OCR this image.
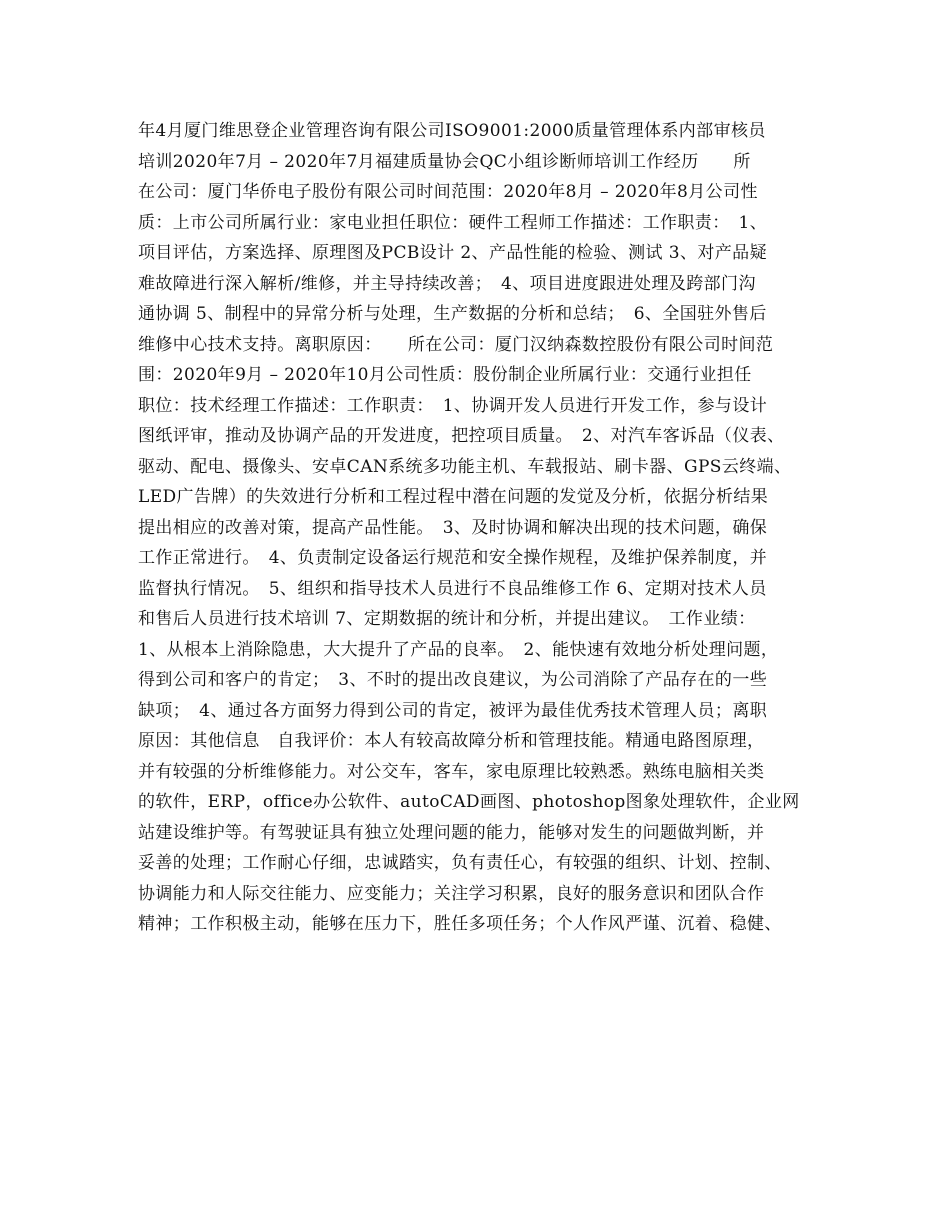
年4月厦门维思登企业管理咨询有限公司ISO9001:2000质量管理体系内部审核员
培训2020年7月 – 2020年7月福建质量协会QC小组诊断师培训工作经历　　所
在公司：厦门华侨电子股份有限公司时间范围：2020年8月 – 2020年8月公司性
质：上市公司所属行业：家电业担任职位：硬件工程师工作描述：工作职责：　1、
项目评估，方案选择、原理图及PCB设计 2、产品性能的检验、测试 3、对产品疑
难故障进行深入解析/维修，并主导持续改善；　4、项目进度跟进处理及跨部门沟
通协调 5、制程中的异常分析与处理，生产数据的分析和总结；　6、全国驻外售后
维修中心技术支持。离职原因：　　所在公司：厦门汉纳森数控股份有限公司时间范
围：2020年9月 – 2020年10月公司性质：股份制企业所属行业：交通行业担任
职位：技术经理工作描述：工作职责：　1、协调开发人员进行开发工作，参与设计
图纸评审，推动及协调产品的开发进度，把控项目质量。　2、对汽车客诉品（仪表、
驱动、配电、摄像头、安卓CAN系统多功能主机、车载报站、刷卡器、GPS云终端、
LED广告牌）的失效进行分析和工程过程中潜在问题的发觉及分析，依据分析结果
提出相应的改善对策，提高产品性能。　3、及时协调和解决出现的技术问题，确保
工作正常进行。　4、负责制定设备运行规范和安全操作规程，及维护保养制度，并
监督执行情况。　5、组织和指导技术人员进行不良品维修工作 6、定期对技术人员
和售后人员进行技术培训 7、定期数据的统计和分析，并提出建议。　工作业绩：
1、从根本上消除隐患，大大提升了产品的良率。　2、能快速有效地分析处理问题，
得到公司和客户的肯定；　3、不时的提出改良建议，为公司消除了产品存在的一些
缺项；　4、通过各方面努力得到公司的肯定，被评为最佳优秀技术管理人员；离职
原因：其他信息　自我评价：本人有较高故障分析和管理技能。精通电路图原理，
并有较强的分析维修能力。对公交车，客车，家电原理比较熟悉。熟练电脑相关类
的软件，ERP，office办公软件、autoCAD画图、photoshop图象处理软件，企业网
站建设维护等。有驾驶证具有独立处理问题的能力，能够对发生的问题做判断，并
妥善的处理；工作耐心仔细，忠诚踏实，负有责任心，有较强的组织、计划、控制、
协调能力和人际交往能力、应变能力；关注学习积累，良好的服务意识和团队合作
精神；工作积极主动，能够在压力下，胜任多项任务；个人作风严谨、沉着、稳健、
